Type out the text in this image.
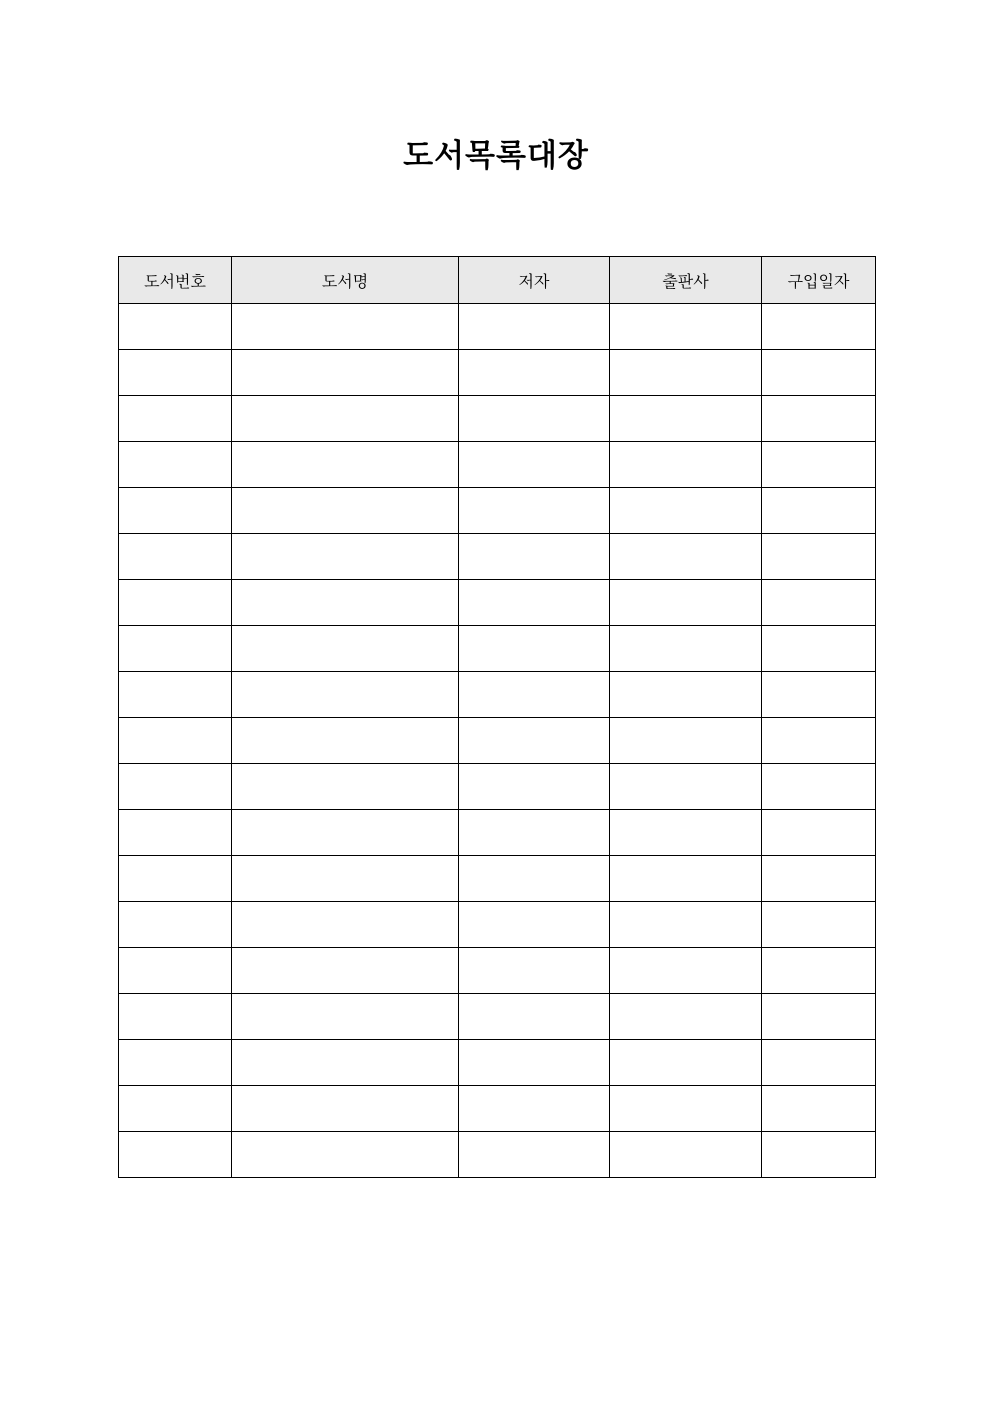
도서목록대장
도서번호	도서명	저자	출판사	구입일자
